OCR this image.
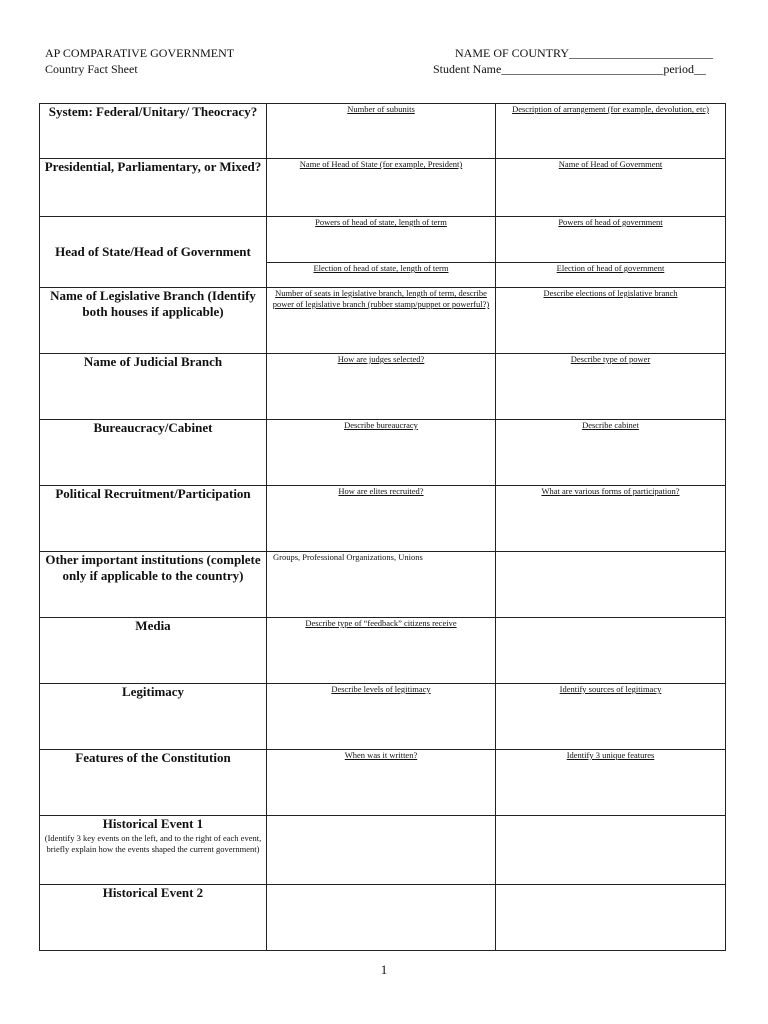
AP COMPARATIVE GOVERNMENT
Country Fact Sheet
NAME OF COUNTRY________________________
Student Name___________________________period__
System: Federal/Unitary/ Theocracy?	Number of subunits	Description of arrangement (for example, devolution, etc)
Presidential, Parliamentary, or Mixed?	Name of Head of State (for example, President)	Name of Head of Government
Head of State/Head of Government	Powers of head of state, length of term	Powers of head of government
	Election of head of state, length of term	Election of head of government
Name of Legislative Branch (Identify both houses if applicable)	Number of seats in legislative branch, length of term, describe power of legislative branch (rubber stamp/puppet or powerful?)	Describe elections of legislative branch
Name of Judicial Branch	How are judges selected?	Describe type of power
Bureaucracy/Cabinet	Describe bureaucracy	Describe cabinet
Political Recruitment/Participation	How are elites recruited?	What are various forms of participation?
Other important institutions (complete only if applicable to the country)	Groups, Professional Organizations, Unions	
Media	Describe type of “feedback” citizens receive	
Legitimacy	Describe levels of legitimacy	Identify sources of legitimacy
Features of the Constitution	When was it written?	Identify 3 unique features
Historical Event 1
(Identify 3 key events on the left, and to the right of each event, briefly explain how the events shaped the current government)		

Historical Event 2		
1
